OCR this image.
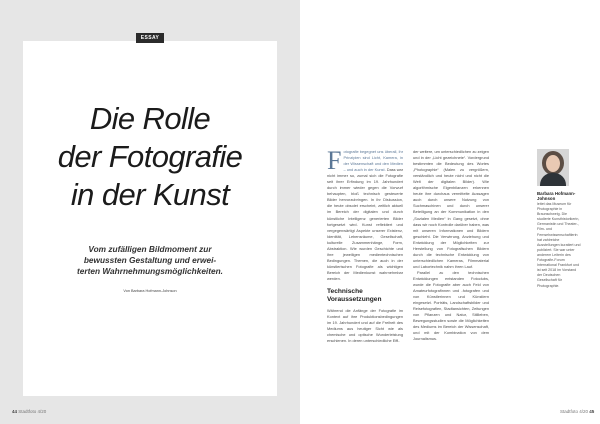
ESSAY
Die Rolle
der Fotografie
in der Kunst
Vom zufälligen Bildmoment zur
bewussten Gestaltung und erwei-
terten Wahrnehmungsmöglichkeiten.
Von Barbara Hofmann-Johnson
44 Stadtfoto 4/20

Fotografie begegnet uns überall, ihr Prinzipien sind Licht, Kamera, in der Wissenschaft und den Medien – und auch in der Kunst. Dass war nicht immer so, zumal sich die Fotografie seit ihrer Erfindung im 19. Jahrhundert durch immer wieder gegen die Vorwurf behaupten, bloß technisch gesteuerte Bilder hervorzubringen. In ihr Diskussion, die heute obsolet erscheint, zeitlich aktuell im Bereich der digitalen und durch künstliche Intelligenz generierten Bilder fortgesetzt wird. Kunst reflektiert und vergegenwärtigt Aspekte unserer Existenz, Identität, Lebensräume, Gesellschaft, kulturelle Zusammenhänge, Form, Abstraktion. Wie wurden Geschichte und ihre jeweiligen medientechnischen Bedingungen. Themen, die auch in der künstlerischen Fotografie als wichtigen Bereich der Medienkunst wahrnehmbar werden.

Technische Voraussetzungen

Während die Anfänge der Fotografie im Kontext auf ihre Produktionsbedingungen im 19. Jahrhundert und auf die Freiheit des Mediums aus heutiger Sicht wie als chemische und optische Wunderleistung erschienen. In deren unterschiedliche Effi-

der weitere, um unterschiedlichen zu zeigen und in der „Licht gezeichnete“. Vordergrund bestimmten die Bedeutung des Wortes „Photographie“ (Malen zu vergrößern, verständlich und heute nicht und nicht die Welt der digitalen Bilder). Wie algorithmische Eigenbilanzen erkennen heute ihre durchaus vermittelte Aussagen auch durch unsere Nutzung von Suchmaschinen und durch unserer Beteiligung an der Kommunikation in den „Sozialen Medien“ in Gang gesetzt, ohne dass wir noch Kontrolle darüber haben, was mit unseren Informationen und Bildern geschieht. Die Verwirrung, Anziehung und Entwicklung der Möglichkeiten zur Herstellung von Fotografischen Bildern durch die technische Entwicklung von unterschiedlichen Kameras, Filmmaterial und Labortechnik nahm ihren Lauf.

Parallel zu den technischen Entwicklungen entstanden Fotoclubs, wurde die Fotografie aber auch Feld von Amateurfotografinnen und -fotografen und von Künstlerinnen und Künstlern eingesetzt. Porträts, Landschaftsbilder und Reisefotografien, Stadtansichten, Zeitungen von Pflanzen und Natur, Stillleben, Bewegungsstudien sowie die Möglichkeiten des Mediums im Bereich der Wissenschaft, und mit der Kombination von dem Journalismus.

Barbara Hofmann-Johnson
leitet das Museum für Photographie in Braunschweig. Die studierte Kunsthistorikerin, Germanistin und Theater-, Film- und Fernsehwissenschaftlerin hat zahlreiche Ausstellungen kuratiert und publiziert. Sie war unter anderem Leiterin des Fotografie-Forum International Frankfurt und ist seit 2018 im Vorstand der Deutschen Gesellschaft für Photographie.
Stadtfoto 4/20 45
